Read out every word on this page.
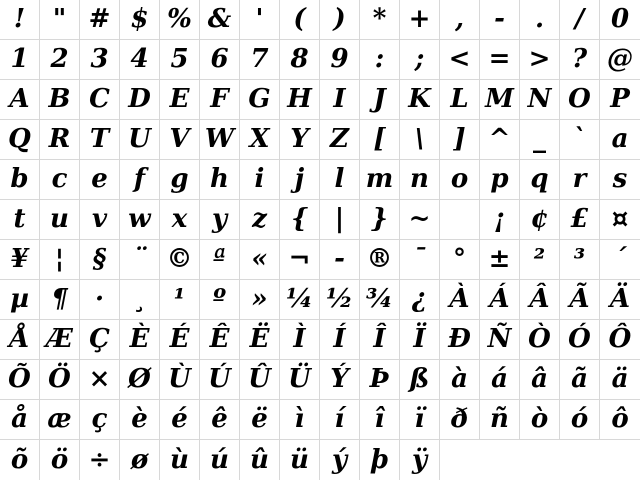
!	" # $ % & '	(	)	* + ,	-	.	/	0
1 2 3 4 5 6 7 8 9	:	; < = > ? @
A B C D E F G H I	J K L M N O P
Q R T U V W X Y Z [	\	] ^ _	` a
b c e	f g h i	j	l m n o p q r	s
t u v w x y z {	|	} ~	¡ ¢ £ ¤
¥	¦	§	¨ © ª « ¬ - ® ¯	° ± ²	³	´
µ ¶	·	¸	¹	º » ¼ ½ ¾ ¿ À Á Â Ã Ä
Å Æ Ç È É Ê Ë Ì	Í	Î	Ï Ð Ñ Ò Ó Ô
Õ Ö × Ø Ù Ú Û Ü Ý Þ ß à á â ã ä
å æ ç è é ê ë	ì	í	î	ï	ð ñ ò ó ô
õ ö ÷ ø ù ú û ü ý þ ÿ
